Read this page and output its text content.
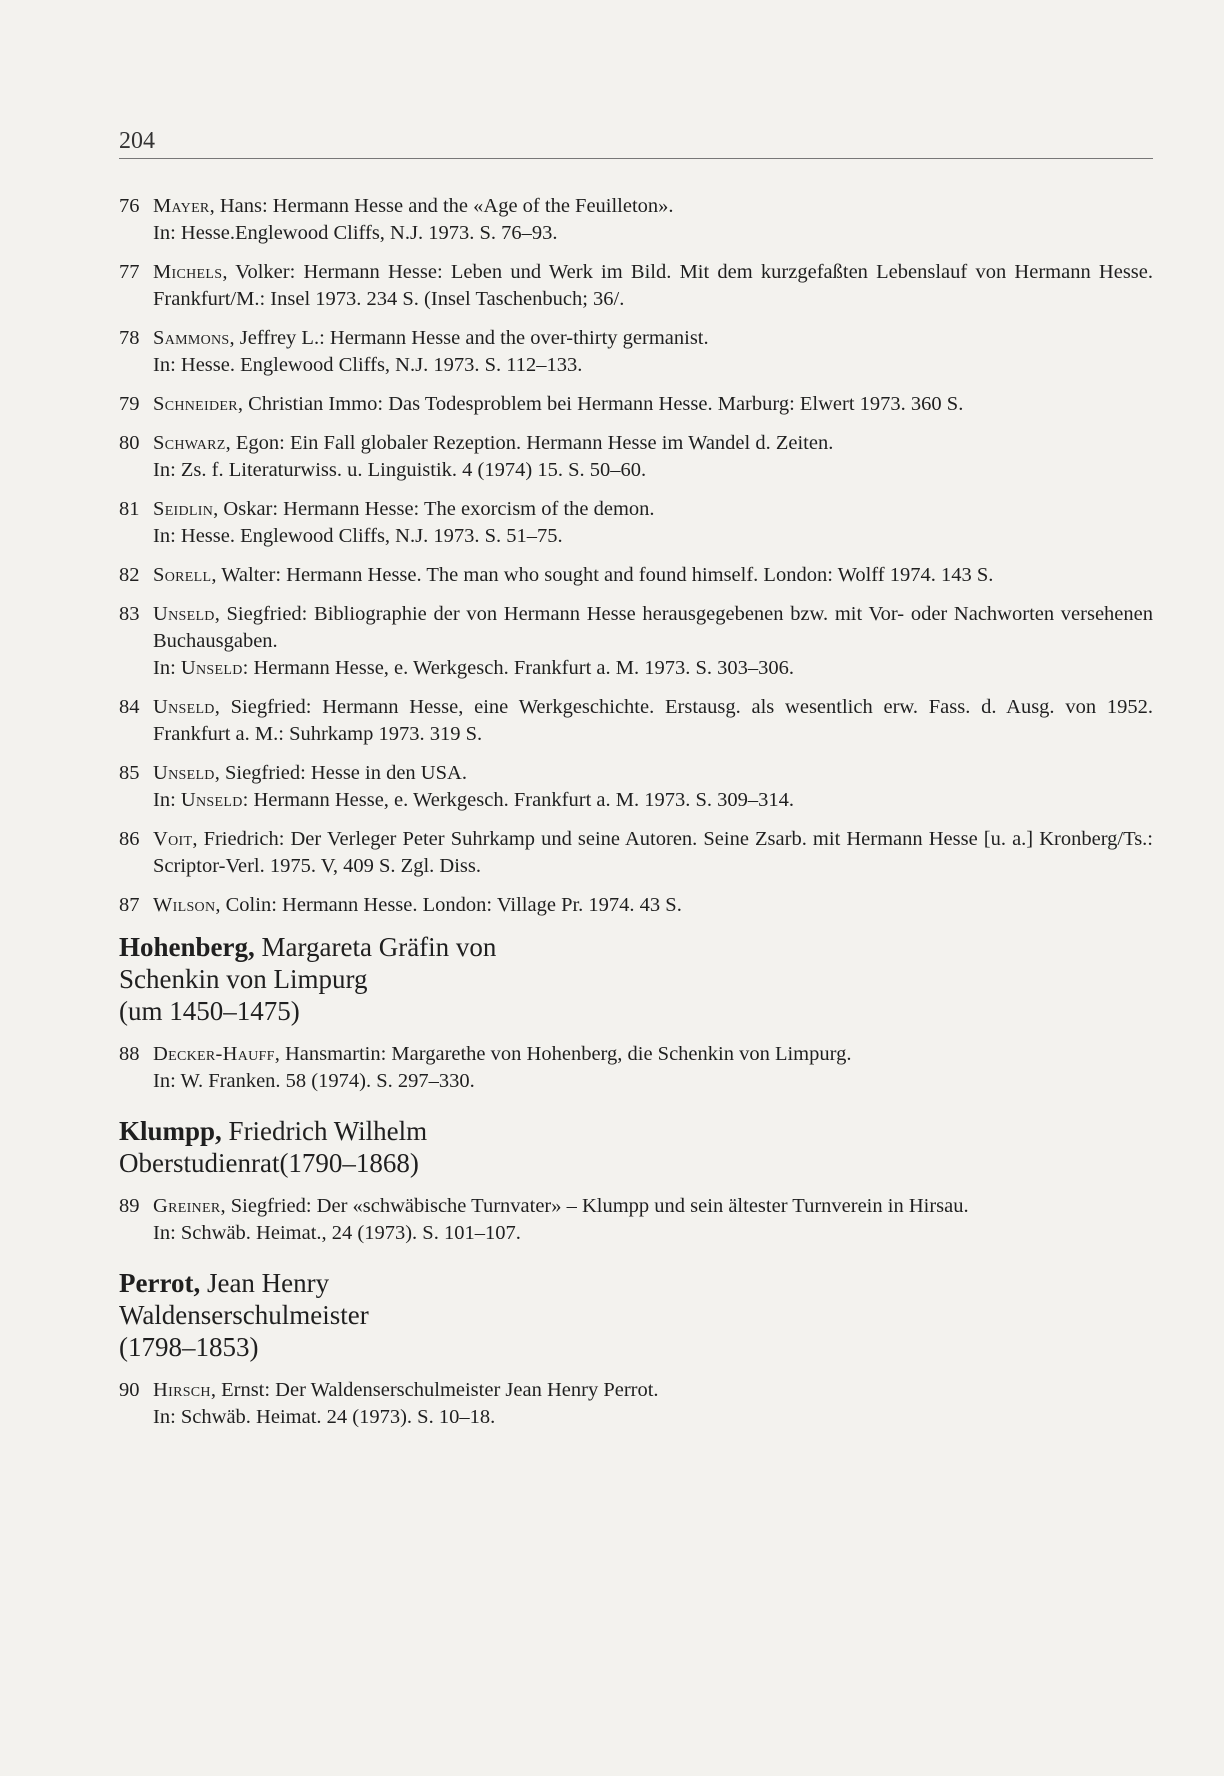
204
76 Mayer, Hans: Hermann Hesse and the «Age of the Feuilleton».
In: Hesse.Englewood Cliffs, N.J. 1973. S. 76–93.
77 Michels, Volker: Hermann Hesse: Leben und Werk im Bild. Mit dem kurzgefaßten Lebenslauf von Hermann Hesse. Frankfurt/M.: Insel 1973. 234 S. (Insel Taschenbuch; 36/.
78 Sammons, Jeffrey L.: Hermann Hesse and the over-thirty germanist.
In: Hesse. Englewood Cliffs, N.J. 1973. S. 112–133.
79 Schneider, Christian Immo: Das Todesproblem bei Hermann Hesse. Marburg: Elwert 1973. 360 S.
80 Schwarz, Egon: Ein Fall globaler Rezeption. Hermann Hesse im Wandel d. Zeiten.
In: Zs. f. Literaturwiss. u. Linguistik. 4 (1974) 15. S. 50–60.
81 Seidlin, Oskar: Hermann Hesse: The exorcism of the demon.
In: Hesse. Englewood Cliffs, N.J. 1973. S. 51–75.
82 Sorell, Walter: Hermann Hesse. The man who sought and found himself. London: Wolff 1974. 143 S.
83 Unseld, Siegfried: Bibliographie der von Hermann Hesse herausgegebenen bzw. mit Vor- oder Nachworten versehenen Buchausgaben.
In: Unseld: Hermann Hesse, e. Werkgesch. Frankfurt a. M. 1973. S. 303–306.
84 Unseld, Siegfried: Hermann Hesse, eine Werkgeschichte. Erstausg. als wesentlich erw. Fass. d. Ausg. von 1952. Frankfurt a. M.: Suhrkamp 1973. 319 S.
85 Unseld, Siegfried: Hesse in den USA.
In: Unseld: Hermann Hesse, e. Werkgesch. Frankfurt a. M. 1973. S. 309–314.
86 Voit, Friedrich: Der Verleger Peter Suhrkamp und seine Autoren. Seine Zsarb. mit Hermann Hesse [u. a.] Kronberg/Ts.: Scriptor-Verl. 1975. V, 409 S. Zgl. Diss.
87 Wilson, Colin: Hermann Hesse. London: Village Pr. 1974. 43 S.
Hohenberg, Margareta Gräfin von
Schenkin von Limpurg
(um 1450–1475)
88 Decker-Hauff, Hansmartin: Margarethe von Hohenberg, die Schenkin von Limpurg.
In: W. Franken. 58 (1974). S. 297–330.
Klumpp, Friedrich Wilhelm
Oberstudienrat(1790–1868)
89 Greiner, Siegfried: Der «schwäbische Turnvater» – Klumpp und sein ältester Turnverein in Hirsau.
In: Schwäb. Heimat., 24 (1973). S. 101–107.
Perrot, Jean Henry
Waldenserschulmeister
(1798–1853)
90 Hirsch, Ernst: Der Waldenserschulmeister Jean Henry Perrot.
In: Schwäb. Heimat. 24 (1973). S. 10–18.
